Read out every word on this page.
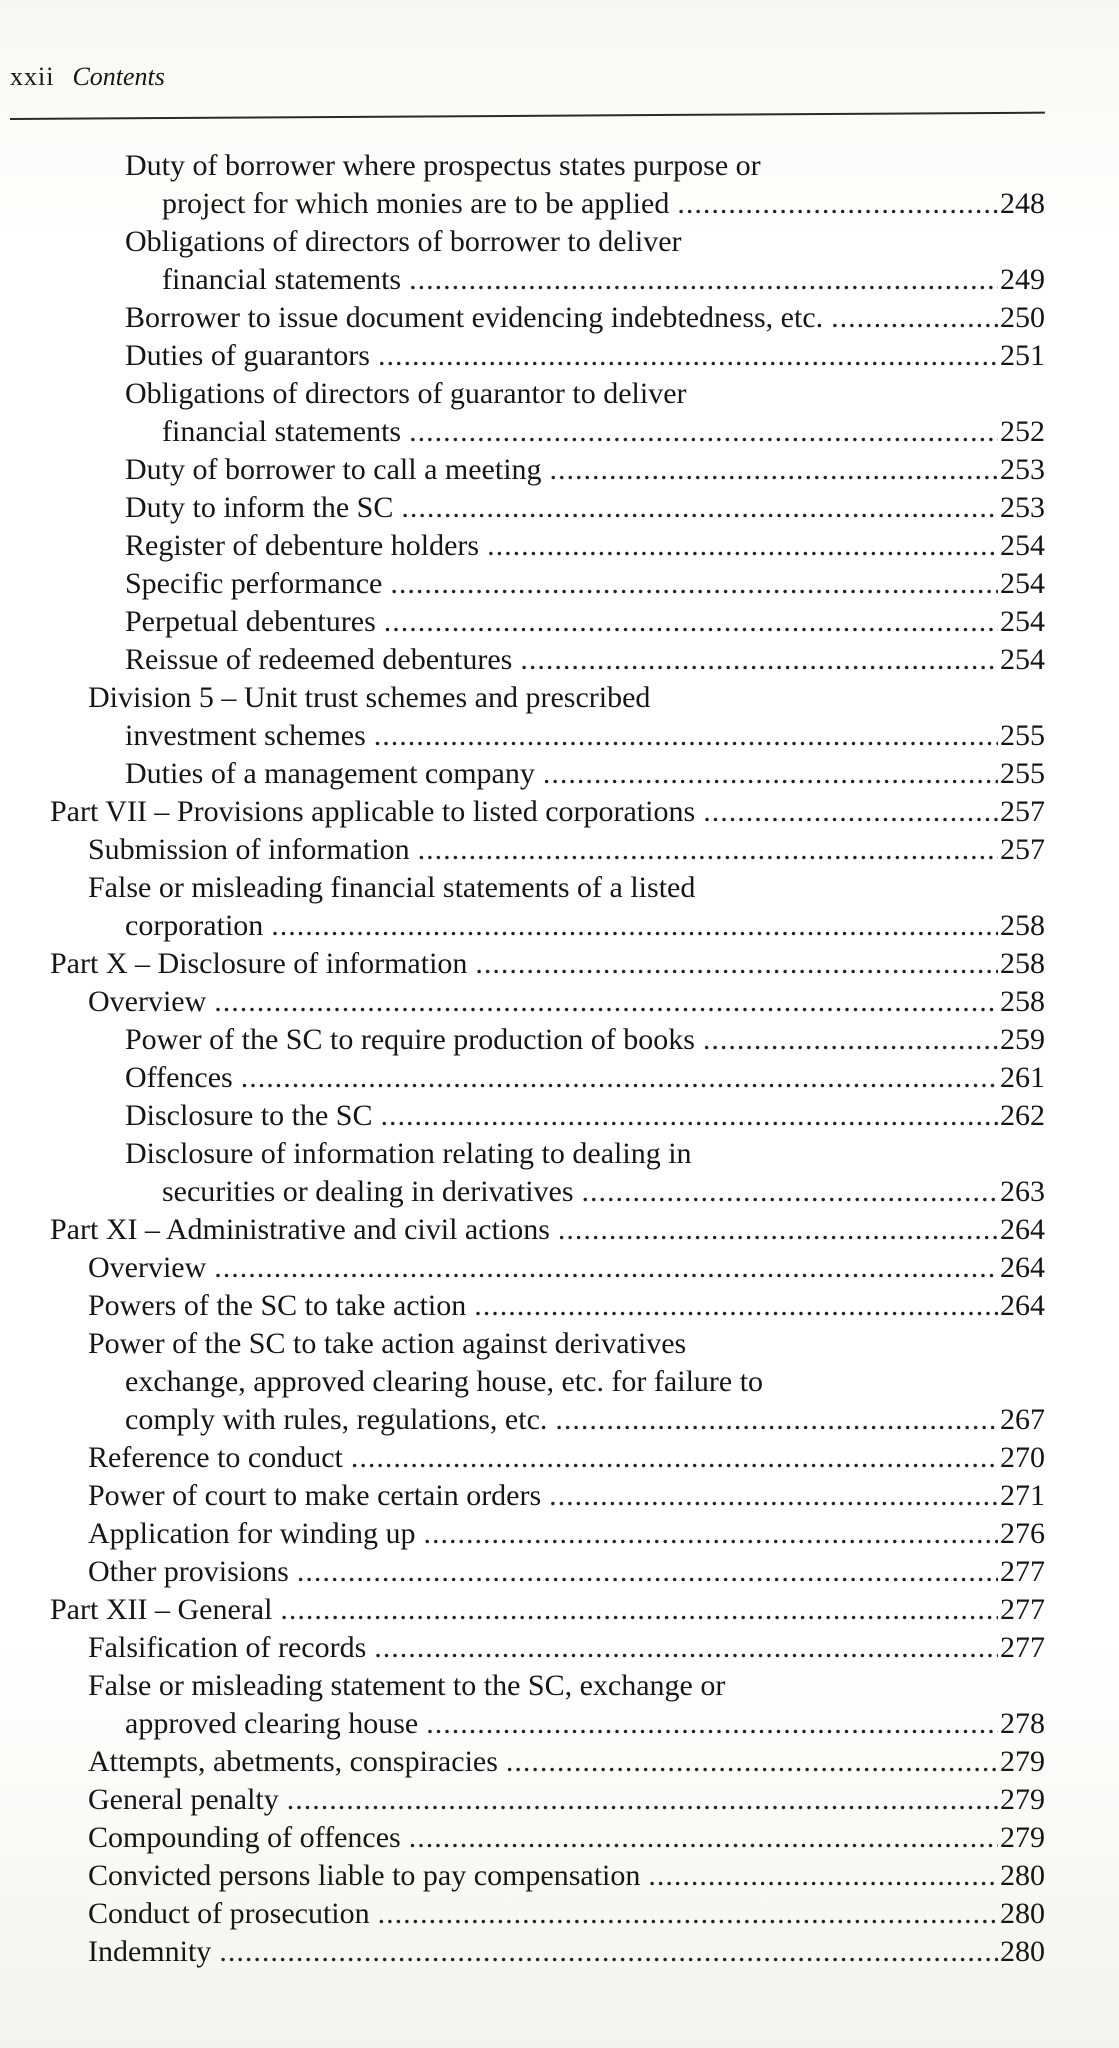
xxii Contents
Duty of borrower where prospectus states purpose or
project for which monies are to be applied .....	248
Obligations of directors of borrower to deliver
financial statements .....	249
Borrower to issue document evidencing indebtedness, etc. .....	250
Duties of guarantors .....	251
Obligations of directors of guarantor to deliver
financial statements .....	252
Duty of borrower to call a meeting .....	253
Duty to inform the SC .....	253
Register of debenture holders .....	254
Specific performance .....	254
Perpetual debentures .....	254
Reissue of redeemed debentures .....	254
Division 5 – Unit trust schemes and prescribed
investment schemes .....	255
Duties of a management company .....	255
Part VII – Provisions applicable to listed corporations .....	257
Submission of information .....	257
False or misleading financial statements of a listed
corporation .....	258
Part X – Disclosure of information .....	258
Overview .....	258
Power of the SC to require production of books .....	259
Offences .....	261
Disclosure to the SC .....	262
Disclosure of information relating to dealing in
securities or dealing in derivatives .....	263
Part XI – Administrative and civil actions .....	264
Overview .....	264
Powers of the SC to take action .....	264
Power of the SC to take action against derivatives
exchange, approved clearing house, etc. for failure to
comply with rules, regulations, etc. .....	267
Reference to conduct .....	270
Power of court to make certain orders .....	271
Application for winding up .....	276
Other provisions .....	277
Part XII – General .....	277
Falsification of records .....	277
False or misleading statement to the SC, exchange or
approved clearing house .....	278
Attempts, abetments, conspiracies .....	279
General penalty .....	279
Compounding of offences .....	279
Convicted persons liable to pay compensation .....	280
Conduct of prosecution .....	280
Indemnity .....	280
